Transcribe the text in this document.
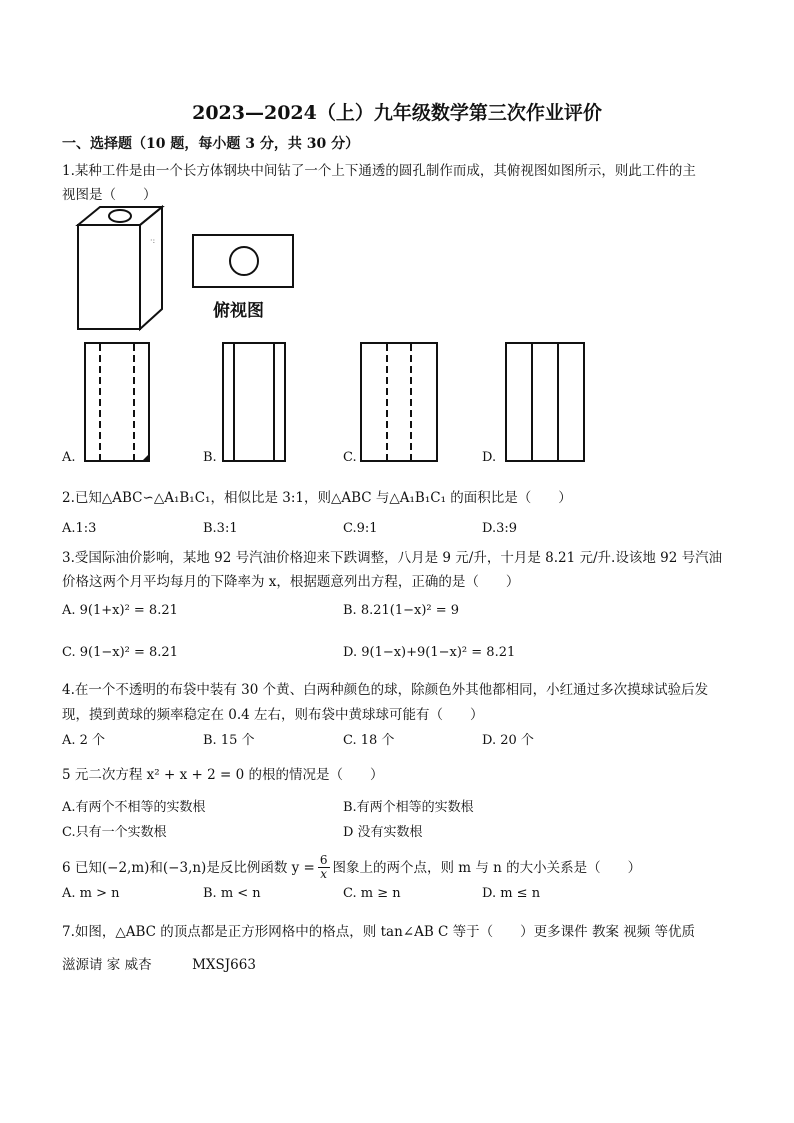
2023—2024（上）九年级数学第三次作业评价
一、选择题（10 题，每小题 3 分，共 30 分）
1.某种工件是由一个长方体钢块中间钻了一个上下通透的圆孔制作而成，其俯视图如图所示，则此工件的主
视图是（　　）
·:
俯视图
A.	B.	C.	D.
2.已知△ABC∽△A₁B₁C₁，相似比是 3:1，则△ABC 与△A₁B₁C₁ 的面积比是（　　）
A.1:3	B.3:1	C.9:1	D.3:9
3.受国际油价影响，某地 92 号汽油价格迎来下跌调整，八月是 9 元/升，十月是 8.21 元/升.设该地 92 号汽油
价格这两个月平均每月的下降率为 x，根据题意列出方程，正确的是（　　）
A. 9(1+x)² = 8.21	B. 8.21(1−x)² = 9
C. 9(1−x)² = 8.21	D. 9(1−x)+9(1−x)² = 8.21
4.在一个不透明的布袋中装有 30 个黄、白两种颜色的球，除颜色外其他都相同，小红通过多次摸球试验后发
现，摸到黄球的频率稳定在 0.4 左右，则布袋中黄球球可能有（　　）
A. 2 个	B. 15 个	C. 18 个	D. 20 个
5 元二次方程 x² + x + 2 = 0 的根的情况是（　　）
A.有两个不相等的实数根	B.有两个相等的实数根
C.只有一个实数根	D 没有实数根
6 已知(−2,m)和(−3,n)是反比例函数 $y = \frac{6}{x}$ 图象上的两个点，则 m 与 n 的大小关系是（　　）
A. m > n	B. m < n	C. m ≥ n	D. m ≤ n
7.如图，△ABC 的顶点都是正方形网格中的格点，则 tan∠AB C 等于（　　）更多课件 教案 视频 等优质
滋源请 家 威杏　　　MXSJ663
